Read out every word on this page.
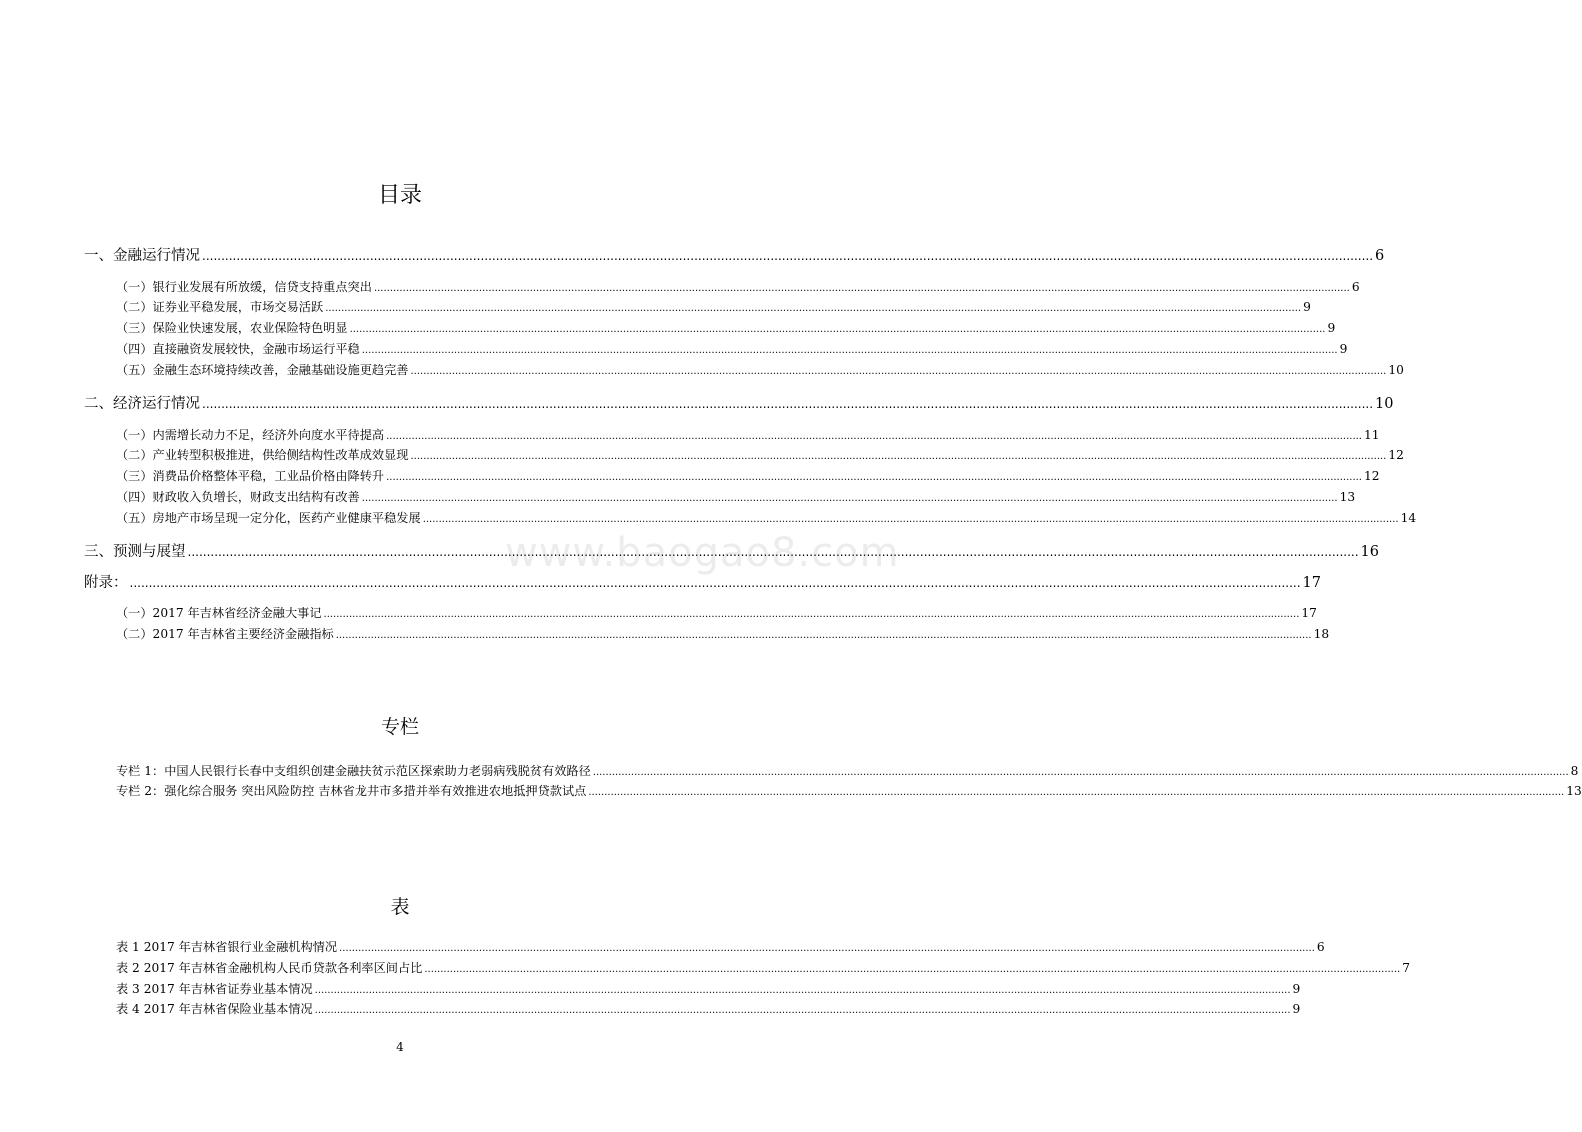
目录
一、金融运行情况 .....	6
（一）银行业发展有所放缓，信贷支持重点突出 .....	6
（二）证券业平稳发展，市场交易活跃 .....	9
（三）保险业快速发展，农业保险特色明显 .....	9
（四）直接融资发展较快，金融市场运行平稳 .....	9
（五）金融生态环境持续改善，金融基础设施更趋完善 .....	10
二、经济运行情况 .....	10
（一）内需增长动力不足，经济外向度水平待提高 .....	11
（二）产业转型积极推进，供给侧结构性改革成效显现 .....	12
（三）消费品价格整体平稳，工业品价格由降转升 .....	12
（四）财政收入负增长，财政支出结构有改善 .....	13
（五）房地产市场呈现一定分化，医药产业健康平稳发展 .....	14
三、预测与展望 .....	16
附录： .....	17
（一）2017 年吉林省经济金融大事记 .....	17
（二）2017 年吉林省主要经济金融指标 .....	18
www.baogao8.com
专栏
专栏 1：中国人民银行长春中支组织创建金融扶贫示范区探索助力老弱病残脱贫有效路径 .....	8
专栏 2：强化综合服务 突出风险防控 吉林省龙井市多措并举有效推进农地抵押贷款试点 .....	13
表
表 1 2017 年吉林省银行业金融机构情况 .....	6
表 2 2017 年吉林省金融机构人民币贷款各利率区间占比 .....	7
表 3 2017 年吉林省证券业基本情况 .....	9
表 4 2017 年吉林省保险业基本情况 .....	9
4
